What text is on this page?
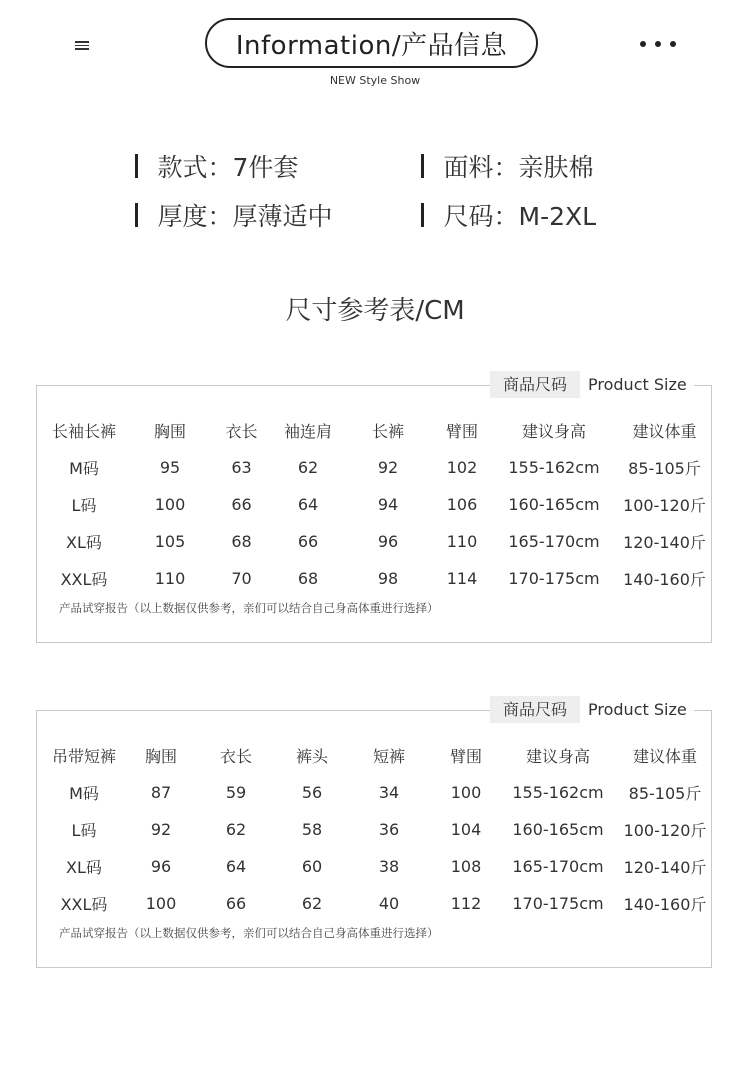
Information/产品信息
NEW Style Show
款式：7件套	面料：亲肤棉
厚度：厚薄适中	尺码：M-2XL
尺寸参考表/CM
商品尺码	Product Size
长袖长裤	胸围	衣长	袖连肩	长裤	臂围	建议身高	建议体重
M码	95	63	62	92	102	155-162cm	85-105斤
L码	100	66	64	94	106	160-165cm	100-120斤
XL码	105	68	66	96	110	165-170cm	120-140斤
XXL码	110	70	68	98	114	170-175cm	140-160斤
产品试穿报告（以上数据仅供参考，亲们可以结合自己身高体重进行选择）
商品尺码	Product Size
吊带短裤	胸围	衣长	裤头	短裤	臂围	建议身高	建议体重
M码	87	59	56	34	100	155-162cm	85-105斤
L码	92	62	58	36	104	160-165cm	100-120斤
XL码	96	64	60	38	108	165-170cm	120-140斤
XXL码	100	66	62	40	112	170-175cm	140-160斤
产品试穿报告（以上数据仅供参考，亲们可以结合自己身高体重进行选择）
